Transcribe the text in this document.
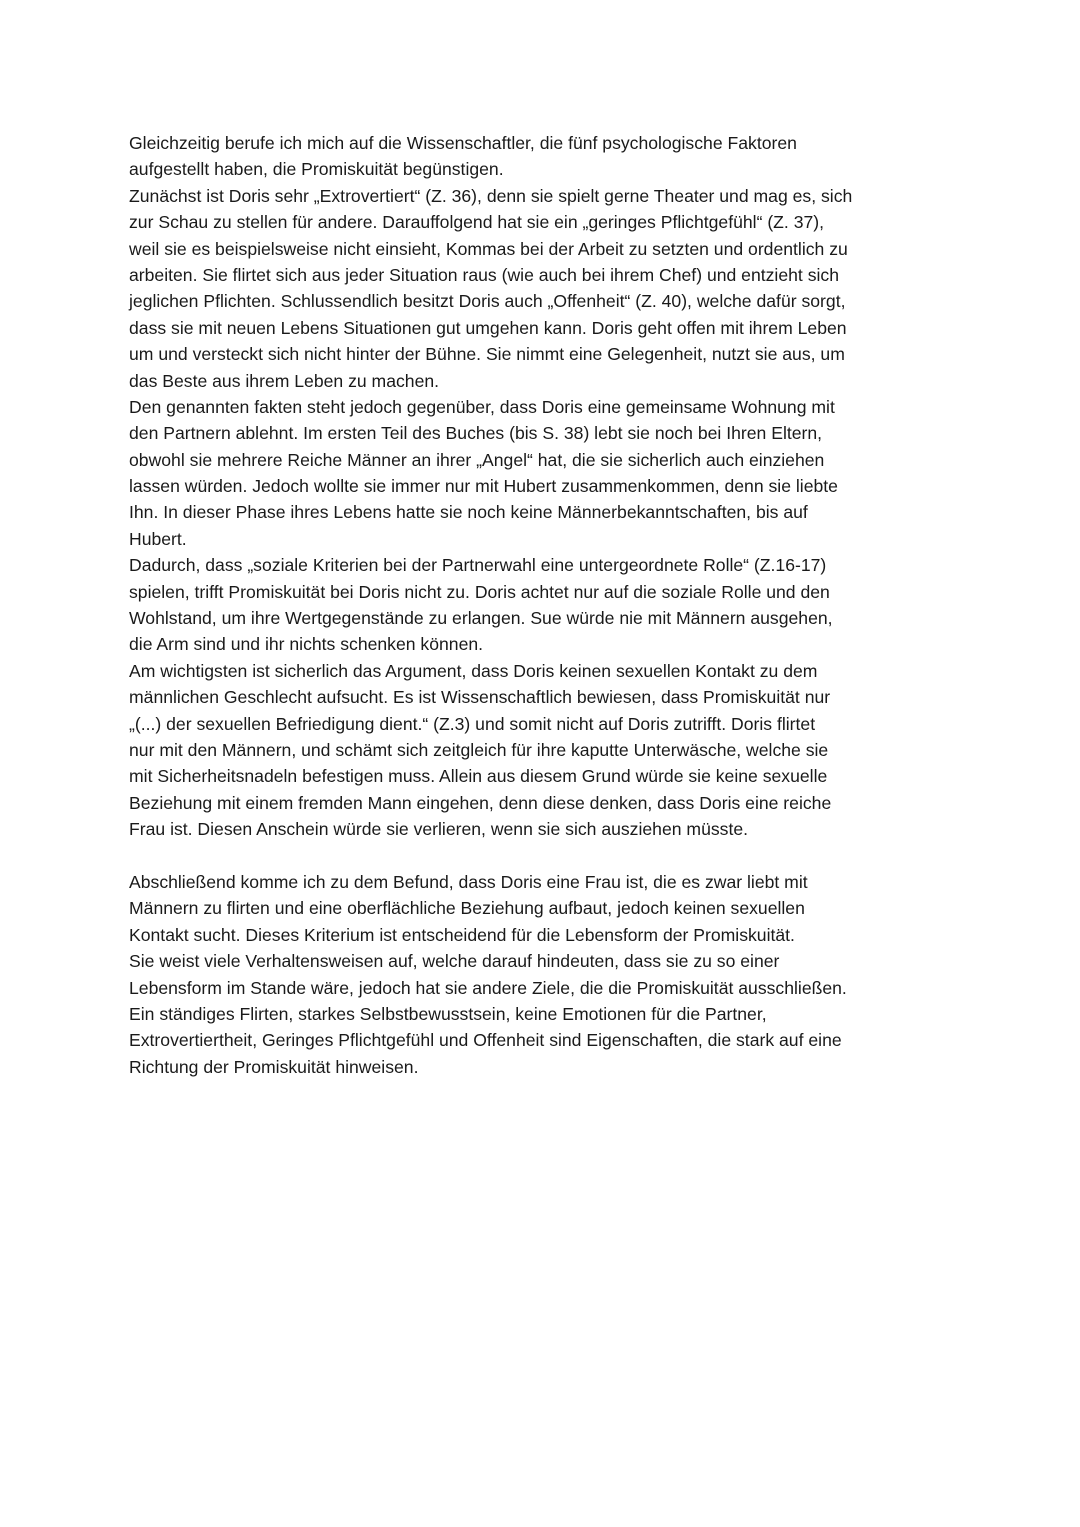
Gleichzeitig berufe ich mich auf die Wissenschaftler, die fünf psychologische Faktoren
aufgestellt haben, die Promiskuität begünstigen.
Zunächst ist Doris sehr „Extrovertiert“ (Z. 36), denn sie spielt gerne Theater und mag es, sich
zur Schau zu stellen für andere. Darauffolgend hat sie ein „geringes Pflichtgefühl“ (Z. 37),
weil sie es beispielsweise nicht einsieht, Kommas bei der Arbeit zu setzten und ordentlich zu
arbeiten. Sie flirtet sich aus jeder Situation raus (wie auch bei ihrem Chef) und entzieht sich
jeglichen Pflichten. Schlussendlich besitzt Doris auch „Offenheit“ (Z. 40), welche dafür sorgt,
dass sie mit neuen Lebens Situationen gut umgehen kann. Doris geht offen mit ihrem Leben
um und versteckt sich nicht hinter der Bühne. Sie nimmt eine Gelegenheit, nutzt sie aus, um
das Beste aus ihrem Leben zu machen.
Den genannten fakten steht jedoch gegenüber, dass Doris eine gemeinsame Wohnung mit
den Partnern ablehnt. Im ersten Teil des Buches (bis S. 38) lebt sie noch bei Ihren Eltern,
obwohl sie mehrere Reiche Männer an ihrer „Angel“ hat, die sie sicherlich auch einziehen
lassen würden. Jedoch wollte sie immer nur mit Hubert zusammenkommen, denn sie liebte
Ihn. In dieser Phase ihres Lebens hatte sie noch keine Männerbekanntschaften, bis auf
Hubert.
Dadurch, dass „soziale Kriterien bei der Partnerwahl eine untergeordnete Rolle“ (Z.16-17)
spielen, trifft Promiskuität bei Doris nicht zu. Doris achtet nur auf die soziale Rolle und den
Wohlstand, um ihre Wertgegenstände zu erlangen. Sue würde nie mit Männern ausgehen,
die Arm sind und ihr nichts schenken können.
Am wichtigsten ist sicherlich das Argument, dass Doris keinen sexuellen Kontakt zu dem
männlichen Geschlecht aufsucht. Es ist Wissenschaftlich bewiesen, dass Promiskuität nur
„(...) der sexuellen Befriedigung dient.“ (Z.3) und somit nicht auf Doris zutrifft. Doris flirtet
nur mit den Männern, und schämt sich zeitgleich für ihre kaputte Unterwäsche, welche sie
mit Sicherheitsnadeln befestigen muss. Allein aus diesem Grund würde sie keine sexuelle
Beziehung mit einem fremden Mann eingehen, denn diese denken, dass Doris eine reiche
Frau ist. Diesen Anschein würde sie verlieren, wenn sie sich ausziehen müsste.
Abschließend komme ich zu dem Befund, dass Doris eine Frau ist, die es zwar liebt mit
Männern zu flirten und eine oberflächliche Beziehung aufbaut, jedoch keinen sexuellen
Kontakt sucht. Dieses Kriterium ist entscheidend für die Lebensform der Promiskuität.
Sie weist viele Verhaltensweisen auf, welche darauf hindeuten, dass sie zu so einer
Lebensform im Stande wäre, jedoch hat sie andere Ziele, die die Promiskuität ausschließen.
Ein ständiges Flirten, starkes Selbstbewusstsein, keine Emotionen für die Partner,
Extrovertiertheit, Geringes Pflichtgefühl und Offenheit sind Eigenschaften, die stark auf eine
Richtung der Promiskuität hinweisen.
